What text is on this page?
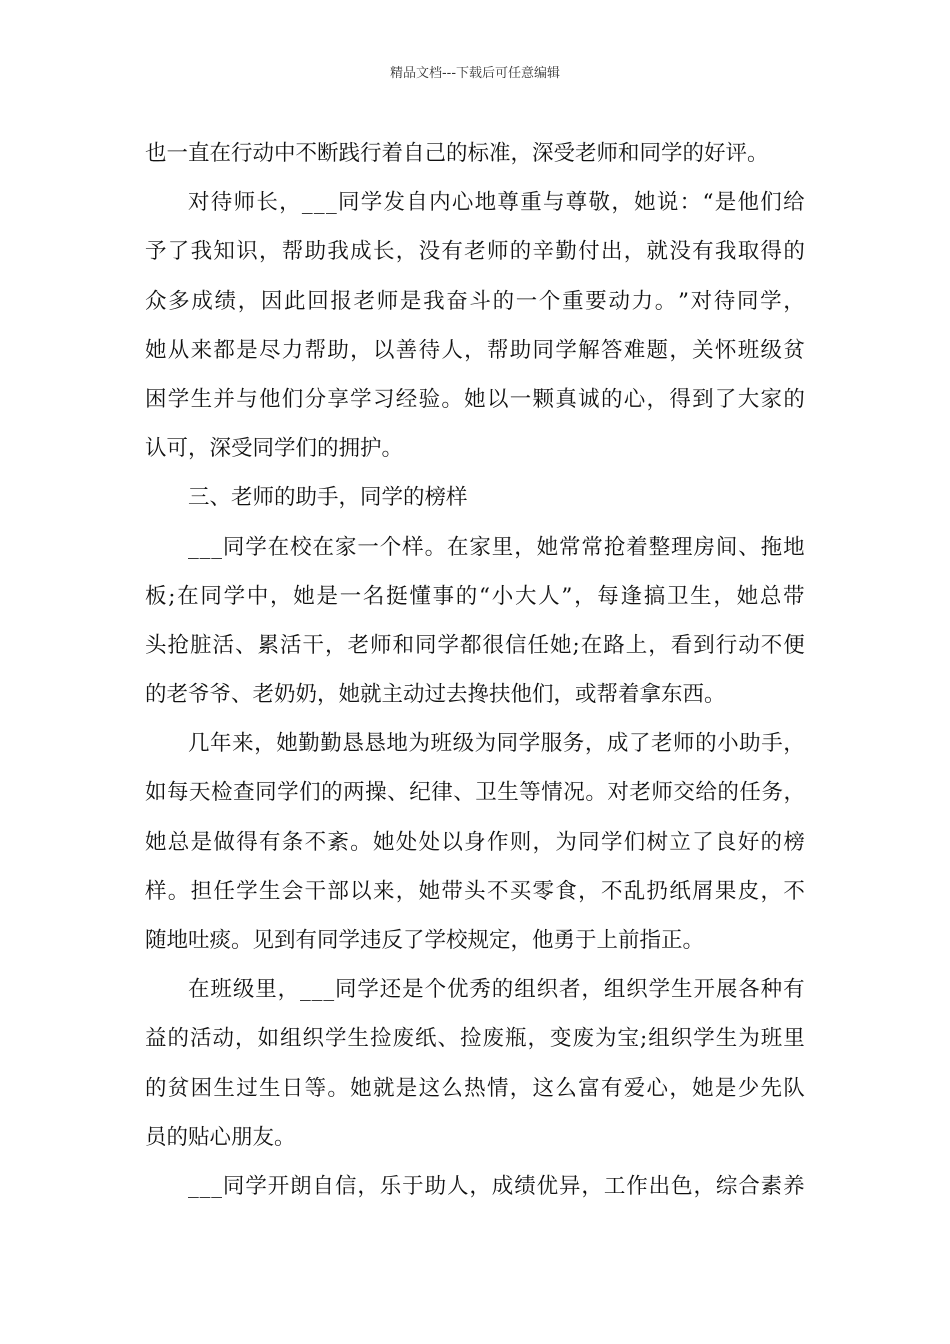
精品文档---下载后可任意编辑
也一直在行动中不断践行着自己的标准，深受老师和同学的好评。
对 待 师 长 ， _ _ _ 同 学 发 自 内 心 地 尊 重 与 尊 敬 ， 她 说 ： “ 是 他 们 给
予 了 我 知 识 ， 帮 助 我 成 长 ， 没 有 老 师 的 辛 勤 付 出 ， 就 没 有 我 取 得 的
众 多 成 绩 ， 因 此 回 报 老 师 是 我 奋 斗 的 一 个 重 要 动 力 。 ” 对 待 同 学 ，
她 从 来 都 是 尽 力 帮 助 ， 以 善 待 人 ， 帮 助 同 学 解 答 难 题 ， 关 怀 班 级 贫
困 学 生 并 与 他 们 分 享 学 习 经 验 。 她 以 一 颗 真 诚 的 心 ， 得 到 了 大 家 的
认可，深受同学们的拥护。
三、老师的助手，同学的榜样
_ _ _ 同 学 在 校 在 家 一 个 样 。 在 家 里 ， 她 常 常 抢 着 整 理 房 间 、 拖 地
板 ; 在 同 学 中 ， 她 是 一 名 挺 懂 事 的 “ 小 大 人 ” ， 每 逢 搞 卫 生 ， 她 总 带
头 抢 脏 活 、 累 活 干 ， 老 师 和 同 学 都 很 信 任 她 ; 在 路 上 ， 看 到 行 动 不 便
的老爷爷、老奶奶，她就主动过去搀扶他们，或帮着拿东西。
几 年 来 ， 她 勤 勤 恳 恳 地 为 班 级 为 同 学 服 务 ， 成 了 老 师 的 小 助 手 ，
如 每 天 检 查 同 学 们 的 两 操 、 纪 律 、 卫 生 等 情 况 。 对 老 师 交 给 的 任 务 ，
她 总 是 做 得 有 条 不 紊 。 她 处 处 以 身 作 则 ， 为 同 学 们 树 立 了 良 好 的 榜
样 。 担 任 学 生 会 干 部 以 来 ， 她 带 头 不 买 零 食 ， 不 乱 扔 纸 屑 果 皮 ， 不
随地吐痰。见到有同学违反了学校规定，他勇于上前指正。
在 班 级 里 ， _ _ _ 同 学 还 是 个 优 秀 的 组 织 者 ， 组 织 学 生 开 展 各 种 有
益 的 活 动 ， 如 组 织 学 生 捡 废 纸 、 捡 废 瓶 ， 变 废 为 宝 ; 组 织 学 生 为 班 里
的 贫 困 生 过 生 日 等 。 她 就 是 这 么 热 情 ， 这 么 富 有 爱 心 ， 她 是 少 先 队
员的贴心朋友。
_ _ _ 同 学 开 朗 自 信 ， 乐 于 助 人 ， 成 绩 优 异 ， 工 作 出 色 ， 综 合 素 养
